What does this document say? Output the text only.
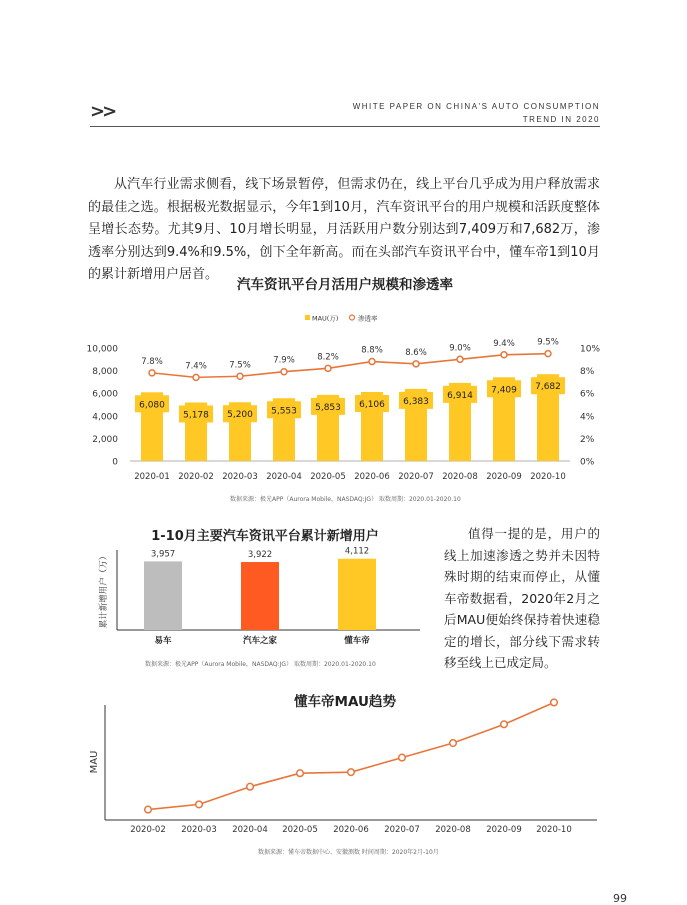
>>	WHITE PAPER ON CHINA'S AUTO CONSUMPTION
TREND IN 2020
从汽车行业需求侧看，线下场景暂停，但需求仍在，线上平台几乎成为用户释放需求的最佳之选。根据极光数据显示，今年1到10月，汽车资讯平台的用户规模和活跃度整体呈增长态势。尤其9月、10月增长明显，月活跃用户数分别达到7,409万和7,682万，渗透率分别达到9.4%和9.5%，创下全年新高。而在头部汽车资讯平台中，懂车帝1到10月的累计新增用户居首。
汽车资讯平台月活用户规模和渗透率
1-10月主要汽车资讯平台累计新增用户	值得一提的是，用户的线上加速渗透之势并未因特殊时期的结束而停止，从懂车帝数据看，2020年2月之后MAU便始终保持着快速稳定的增长，部分线下需求转移至线上已成定局。
懂车帝MAU趋势
数据来源：极光APP（Aurora Mobile，NASDAQ:JG） 取数周期：2020.01-2020.10
数据来源：极光APP（Aurora Mobile，NASDAQ:JG） 取数周期：2020.01-2020.10
数据来源：懂车帝数据中心、安徽测数 时间周期：2020年2月-10月
MAU(万)	渗透率
0
2,000
4,000
6,000
8,000
10,000
0%
2%
4%
6%
8%
10%
6,080
2020-01
5,178
2020-02
5,200
2020-03
5,553
2020-04
5,853
2020-05
6,106
2020-06
6,383
2020-07
6,914
2020-08
7,409
2020-09
7,682
2020-10
7.8%	7.4%	7.5%	7.9%	8.2%
8.8%	8.6%	9.0%	9.4%	9.5%
累计新增用户（万）	3,957
易车
3,922
汽车之家
4,112
懂车帝
MAU
2020-02 2020-03 2020-04 2020-05 2020-06 2020-07 2020-08 2020-09 2020-10
99
